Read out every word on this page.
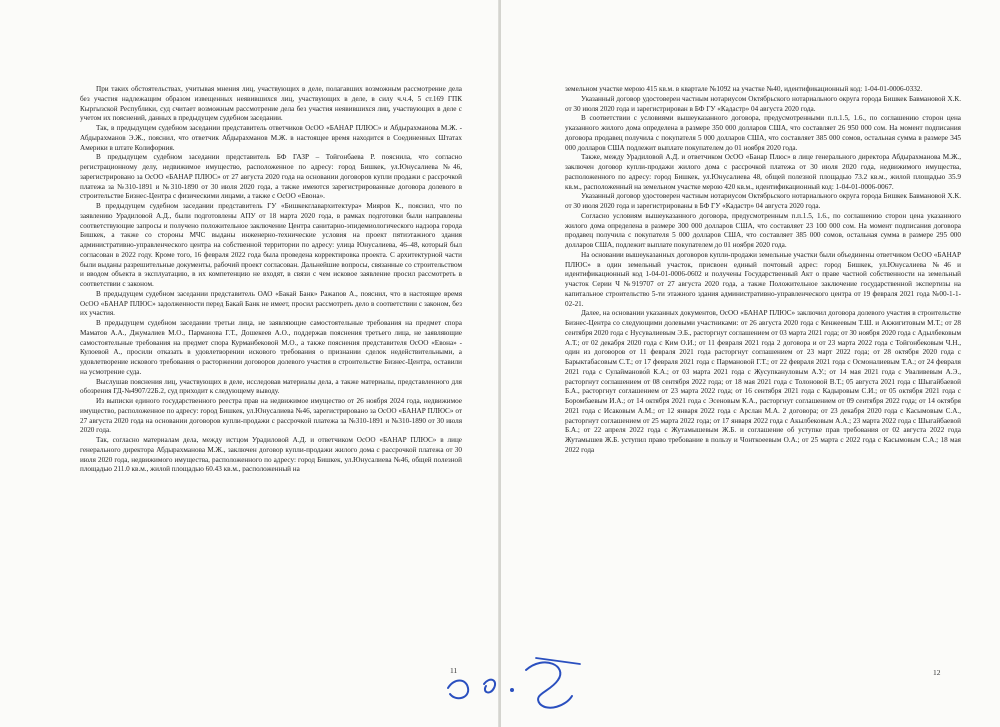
При таких обстоятельствах, учитывая мнения лиц, участвующих в деле, полагавших возможным рассмотрение дела без участия надлежащим образом извещенных неявившихся лиц, участвующих в деле, в силу ч.ч.4, 5 ст.169 ГПК Кыргызской Республики, суд считает возможным рассмотрение дела без участия неявившихся лиц, участвующих в деле с учетом их пояснений, данных в предыдущем судебном заседании.

Так, в предыдущем судебном заседании представитель ответчиков ОсОО «БАНАР ПЛЮС» и Абдырахманова М.Ж. - Абдырахманов Э.Ж., пояснил, что ответчик Абдырахманов М.Ж. в настоящее время находится в Соединенных Штатах Америки в штате Колифорния.

В предыдущем судебном заседании представитель БФ ГАЗР – Тойгонбаева Р. пояснила, что согласно регистрационному делу, недвижимое имущество, расположенное по адресу: город Бишкек, ул.Юнусалиева №46, зарегистрировано за ОсОО «БАНАР ПЛЮС» от 27 августа 2020 года на основании договоров купли продажи с рассрочкой платежа за №310-1891 и №310-1890 от 30 июля 2020 года, а также имеются зарегистрированные договора долевого в строительстве Бизнес-Центра с физическими лицами, а также с ОсОО «Евона».

В предыдущем судебном заседании представитель ГУ «Бишкекглавархитектура» Мияров К., пояснил, что по заявлению Урадиловой А.Д., были подготовлены АПУ от 18 марта 2020 года, в рамках подготовки были направлены соответствующие запросы и получено положительное заключение Центра санитарно-эпидемиологического надзора города Бишкек, а также со стороны МЧС выданы инженерно-технические условия на проект пятиэтажного здания административно-управленческого центра на собственной территории по адресу: улица Юнусалиева, 46–48, который был согласован в 2022 году. Кроме того, 16 февраля 2022 года была проведена корректировка проекта. С архитектурной части были выданы разрешительные документы, рабочий проект согласован. Дальнейшие вопросы, связанные со строительством и вводом объекта в эксплуатацию, в их компетенцию не входят, в связи с чем исковое заявление просил рассмотреть в соответствии с законом.

В предыдущем судебном заседании представитель ОАО «Бакай Банк» Ражапов А., пояснил, что в настоящее время ОсОО «БАНАР ПЛЮС» задолженности перед Бакай Банк не имеет, просил рассмотреть дело в соответствии с законом, без их участия.

В предыдущем судебном заседании третьи лица, не заявляющие самостоятельные требования на предмет спора Маматов А.А., Джумалиев М.О., Парманова Г.Т., Дошекеев А.О., поддержав пояснения третьего лица, не заявляющие самостоятельные требования на предмет спора Курманбековой М.О., а также пояснения представителя ОсОО «Евона» - Кулоевой А., просили отказать в удовлетворении искового требования о признании сделок недействительными, а удовлетворение искового требования о расторжении договоров долевого участия в строительстве Бизнес-Центра, оставили на усмотрение суда.

Выслушав пояснения лиц, участвующих в деле, исследовав материалы дела, а также материалы, представленного для обозрения ГД-№4907/22Б.2, суд приходит к следующему выводу.

Из выписки единого государственного реестра прав на недвижимое имущество от 26 ноября 2024 года, недвижимое имущество, расположенное по адресу: город Бишкек, ул.Юнусалиева №46, зарегистрировано за ОсОО «БАНАР ПЛЮС» от 27 августа 2020 года на основании договоров купли-продажи с рассрочкой платежа за №310-1891 и №310-1890 от 30 июля 2020 года.

Так, согласно материалам дела, между истцом Урадиловой А.Д. и ответчиком ОсОО «БАНАР ПЛЮС» в лице генерального директора Абдырахманова М.Ж., заключен договор купли-продажи жилого дома с рассрочкой платежа от 30 июля 2020 года, недвижимого имущества, расположенного по адресу: город Бишкек, ул.Юнусалиева №46, общей полезной площадью 211.0 кв.м., жилой площадью 60.43 кв.м., расположенный на

11

земельном участке мерою 415 кв.м. в квартале №1092 на участке №40, идентификационный код: 1-04-01-0006-0332.

Указанный договор удостоверен частным нотариусом Октябрьского нотариального округа города Бишкек Бавмановой Х.К. от 30 июля 2020 года и зарегистрирован в БФ ГУ «Кадастр» 04 августа 2020 года.

В соответствии с условиями вышеуказанного договора, предусмотренными п.п.1.5, 1.6., по соглашению сторон цена указанного жилого дома определена в размере 350 000 долларов США, что составляет 26 950 000 сом. На момент подписания договора продавец получила с покупателя 5 000 долларов США, что составляет 385 000 сомов, остальная сумма в размере 345 000 долларов США подлежит выплате покупателем до 01 ноября 2020 года.

Также, между Урадиловой А.Д. и ответчиком ОсОО «Банар Плюс» в лице генерального директора Абдырахманова М.Ж., заключен договор купли-продажи жилого дома с рассрочкой платежа от 30 июля 2020 года, недвижимого имущества, расположенного по адресу: город Бишкек, ул.Юнусалиева 48, общей полезной площадью 73.2 кв.м., жилой площадью 35.9 кв.м., расположенный на земельном участке мерою 420 кв.м., идентификационный код: 1-04-01-0006-0067.

Указанный договор удостоверен частным нотариусом Октябрьского нотариального округа города Бишкек Бавмановой Х.К. от 30 июля 2020 года и зарегистрированы в БФ ГУ «Кадастр» 04 августа 2020 года.

Согласно условиям вышеуказанного договора, предусмотренным п.п.1.5, 1.6., по соглашению сторон цена указанного жилого дома определена в размере 300 000 долларов США, что составляет 23 100 000 сом. На момент подписания договора продавец получила с покупателя 5 000 долларов США, что составляет 385 000 сомов, остальная сумма в размере 295 000 долларов США, подлежит выплате покупателем до 01 ноября 2020 года.

На основании вышеуказанных договоров купли-продажи земельные участки были объединены ответчиком ОсОО «БАНАР ПЛЮС» в один земельный участок, присвоен единый почтовый адрес: город Бишкек, ул.Юнусалиева №46 и идентификационный код 1-04-01-0006-0602 и получены Государственный Акт о праве частной собственности на земельный участок Серии Ч №919707 от 27 августа 2020 года, а также Положительное заключение государственной экспертизы на капитальное строительство 5-ти этажного здания административно-управленческого центра от 19 февраля 2021 года №00-1-1-02-21.

Далее, на основании указанных документов, ОсОО «БАНАР ПЛЮС» заключил договора долевого участия в строительстве Бизнес-Центра со следующими долевыми участниками: от 26 августа 2020 года с Кенжеевым Т.Ш. и Акжигитовым М.Т.; от 28 сентября 2020 года с Нусувалиевым Э.Б., расторгнут соглашением от 03 марта 2021 года; от 30 ноября 2020 года с Адылбековым А.Т.; от 02 декабря 2020 года с Ким О.И.; от 11 февраля 2021 года 2 договора и от 23 марта 2022 года с Тойгонбековым Ч.Н., один из договоров от 11 февраля 2021 года расторгнут соглашением от 23 март 2022 года; от 28 октября 2020 года с Барыктабасовым С.Т.; от 17 февраля 2021 года с Пармановой Г.Т.; от 22 февраля 2021 года с Осмоналиевым Т.А.; от 24 февраля 2021 года с Сулайманово́й К.А.; от 03 марта 2021 года с Жусупкануловым А.У.; от 14 мая 2021 года с Уваливевым А.Э., расторгнут соглашением от 08 сентября 2022 года; от 18 мая 2021 года с Толоновой В.Т.; 05 августа 2021 года с Шыгайбаевой Б.А., расторгнут соглашением от 23 марта 2022 года; от 16 сентября 2021 года с Кадыровым С.И.; от 05 октября 2021 года с Боромбаевым И.А.; от 14 октября 2021 года с Эсеновым К.А., расторгнут соглашением от 09 сентября 2022 года; от 14 октября 2021 года с Исаковым А.М.; от 12 января 2022 года с Арслан М.А. 2 договора; от 23 декабря 2020 года с Касымовым С.А., расторгнут соглашением от 25 марта 2022 года; от 17 января 2022 года с Акылбековым А.А.; 23 марта 2022 года с Шыгайбаевой Б.А.; от 22 апреля 2022 года с Жутамышевым Ж.Б. и соглашение об уступке прав требования от 02 августа 2022 года Жутамышев Ж.Б. уступил право требование в пользу и Чонткоеевым О.А.; от 25 марта с 2022 года с Касымовым С.А.; 18 мая 2022 года

12
